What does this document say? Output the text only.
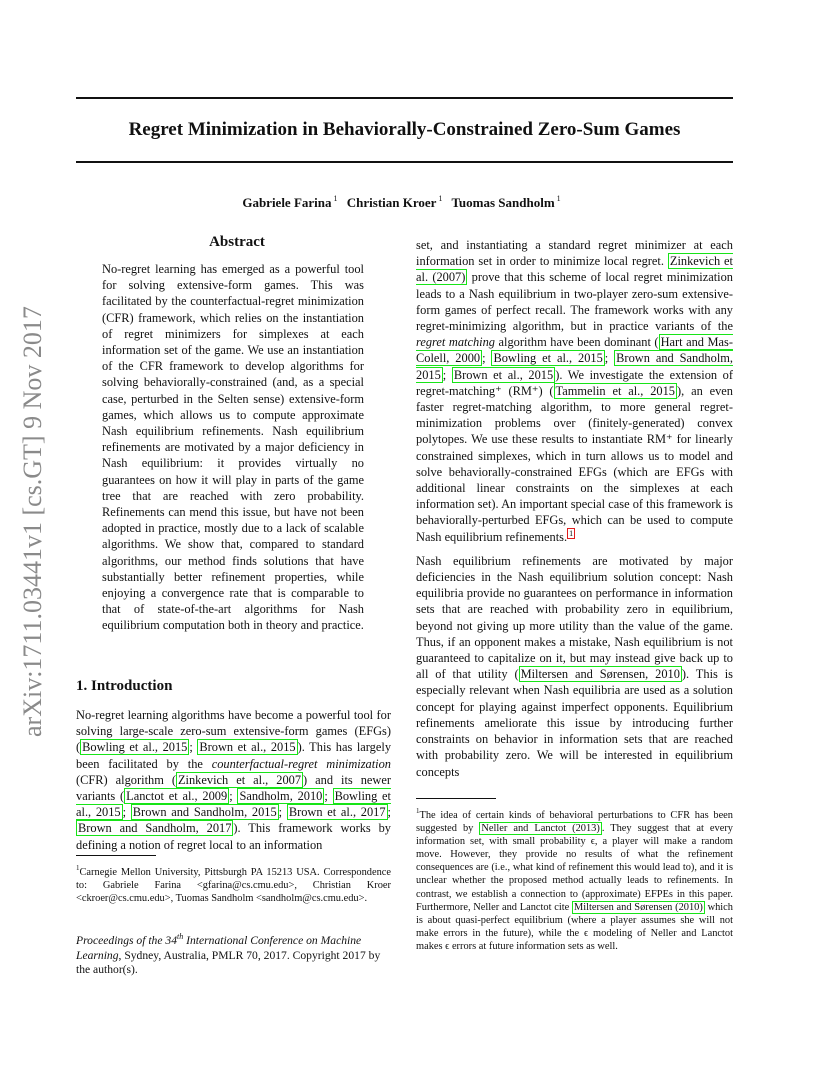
Regret Minimization in Behaviorally-Constrained Zero-Sum Games
Gabriele Farina $^1$ Christian Kroer $^1$ Tuomas Sandholm $^1$
arXiv:1711.03441v1 [cs.GT] 9 Nov 2017
Abstract

No-regret learning has emerged as a powerful tool for solving extensive-form games. This was facilitated by the counterfactual-regret minimization (CFR) framework, which relies on the instantiation of regret minimizers for simplexes at each information set of the game. We use an instantiation of the CFR framework to develop algorithms for solving behaviorally-constrained (and, as a special case, perturbed in the Selten sense) extensive-form games, which allows us to compute approximate Nash equilibrium refinements. Nash equilibrium refinements are motivated by a major deficiency in Nash equilibrium: it provides virtually no guarantees on how it will play in parts of the game tree that are reached with zero probability. Refinements can mend this issue, but have not been adopted in practice, mostly due to a lack of scalable algorithms. We show that, compared to standard algorithms, our method finds solutions that have substantially better refinement properties, while enjoying a convergence rate that is comparable to that of state-of-the-art algorithms for Nash equilibrium computation both in theory and practice.

1. Introduction

No-regret learning algorithms have become a powerful tool for solving large-scale zero-sum extensive-form games (EFGs) ( Bowling et al., 2015 ; Brown et al., 2015 ). This has largely been facilitated by the counterfactual-regret minimization (CFR) algorithm ( Zinkevich et al., 2007 ) and its newer variants ( Lanctot et al., 2009 ; Sandholm, 2010 ; Bowling et al., 2015 ; Brown and Sandholm, 2015 ; Brown et al., 2017 ; Brown and Sandholm, 2017 ). This framework works by defining a notion of regret local to an information

$^1$Carnegie Mellon University, Pittsburgh PA 15213 USA. Correspondence to: Gabriele Farina <gfarina@cs.cmu.edu>, Christian Kroer <ckroer@cs.cmu.edu>, Tuomas Sandholm <sandholm@cs.cmu.edu>.
Proceedings of the 34th International Conference on Machine Learning, Sydney, Australia, PMLR 70, 2017. Copyright 2017 by the author(s).

set, and instantiating a standard regret minimizer at each information set in order to minimize local regret. Zinkevich et al. (2007) prove that this scheme of local regret minimization leads to a Nash equilibrium in two-player zero-sum extensive-form games of perfect recall. The framework works with any regret-minimizing algorithm, but in practice variants of the regret matching algorithm have been dominant ( Hart and Mas-Colell, 2000 ; Bowling et al., 2015 ; Brown and Sandholm, 2015 ; Brown et al., 2015 ). We investigate the extension of regret-matching⁺ (RM⁺) ( Tammelin et al., 2015 ), an even faster regret-matching algorithm, to more general regret-minimization problems over (finitely-generated) convex polytopes. We use these results to instantiate RM⁺ for linearly constrained simplexes, which in turn allows us to model and solve behaviorally-constrained EFGs (which are EFGs with additional linear constraints on the simplexes at each information set). An important special case of this framework is behaviorally-perturbed EFGs, which can be used to compute Nash equilibrium refinements. $^1$

Nash equilibrium refinements are motivated by major deficiencies in the Nash equilibrium solution concept: Nash equilibria provide no guarantees on performance in information sets that are reached with probability zero in equilibrium, beyond not giving up more utility than the value of the game. Thus, if an opponent makes a mistake, Nash equilibrium is not guaranteed to capitalize on it, but may instead give back up to all of that utility ( Miltersen and Sørensen, 2010 ). This is especially relevant when Nash equilibria are used as a solution concept for playing against imperfect opponents. Equilibrium refinements ameliorate this issue by introducing further constraints on behavior in information sets that are reached with probability zero. We will be interested in equilibrium concepts

$^1$The idea of certain kinds of behavioral perturbations to CFR has been suggested by Neller and Lanctot (2013) . They suggest that at every information set, with small probability ϵ, a player will make a random move. However, they provide no results of what the refinement consequences are (i.e., what kind of refinement this would lead to), and it is unclear whether the proposed method actually leads to refinements. In contrast, we establish a connection to (approximate) EFPEs in this paper. Furthermore, Neller and Lanctot cite Miltersen and Sørensen (2010) which is about quasi-perfect equilibrium (where a player assumes she will not make errors in the future), while the ϵ modeling of Neller and Lanctot makes ϵ errors at future information sets as well.
